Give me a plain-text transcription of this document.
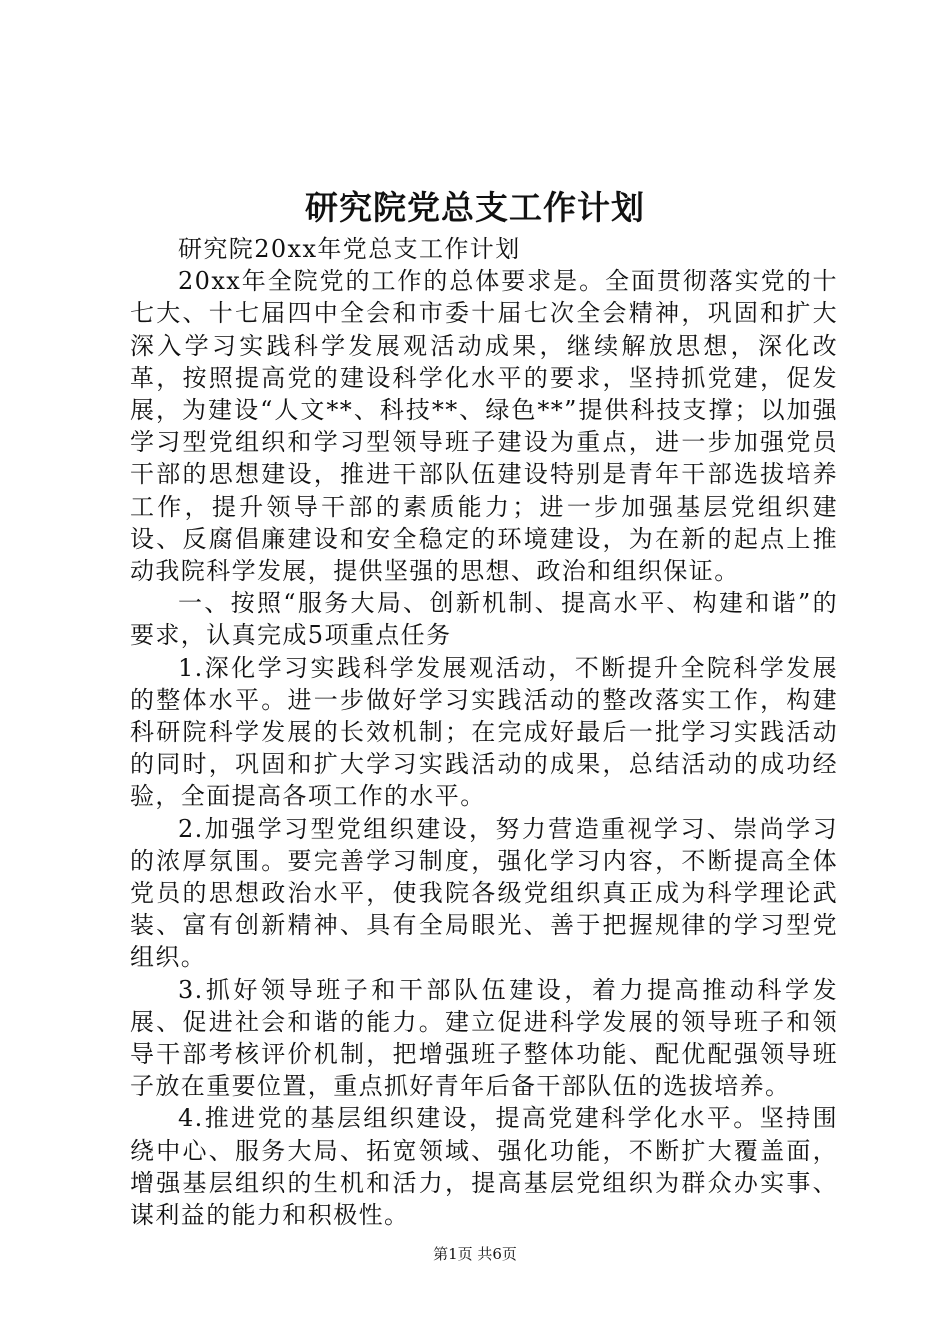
研究院党总支工作计划

研究院20xx年党总支工作计划

20xx年全院党的工作的总体要求是。全面贯彻落实党的十七大、十七届四中全会和市委十届七次全会精神，巩固和扩大深入学习实践科学发展观活动成果，继续解放思想，深化改革，按照提高党的建设科学化水平的要求，坚持抓党建，促发展，为建设“人文**、科技**、绿色**”提供科技支撑；以加强学习型党组织和学习型领导班子建设为重点，进一步加强党员干部的思想建设，推进干部队伍建设特别是青年干部选拔培养工作，提升领导干部的素质能力；进一步加强基层党组织建设、反腐倡廉建设和安全稳定的环境建设，为在新的起点上推动我院科学发展，提供坚强的思想、政治和组织保证。

一、按照“服务大局、创新机制、提高水平、构建和谐”的要求，认真完成5项重点任务

1.深化学习实践科学发展观活动，不断提升全院科学发展的整体水平。进一步做好学习实践活动的整改落实工作，构建科研院科学发展的长效机制；在完成好最后一批学习实践活动的同时，巩固和扩大学习实践活动的成果，总结活动的成功经验，全面提高各项工作的水平。

2.加强学习型党组织建设，努力营造重视学习、崇尚学习的浓厚氛围。要完善学习制度，强化学习内容，不断提高全体党员的思想政治水平，使我院各级党组织真正成为科学理论武装、富有创新精神、具有全局眼光、善于把握规律的学习型党组织。

3.抓好领导班子和干部队伍建设，着力提高推动科学发展、促进社会和谐的能力。建立促进科学发展的领导班子和领导干部考核评价机制，把增强班子整体功能、配优配强领导班子放在重要位置，重点抓好青年后备干部队伍的选拔培养。

4.推进党的基层组织建设，提高党建科学化水平。坚持围绕中心、服务大局、拓宽领域、强化功能，不断扩大覆盖面，增强基层组织的生机和活力，提高基层党组织为群众办实事、谋利益的能力和积极性。

第1页 共6页
